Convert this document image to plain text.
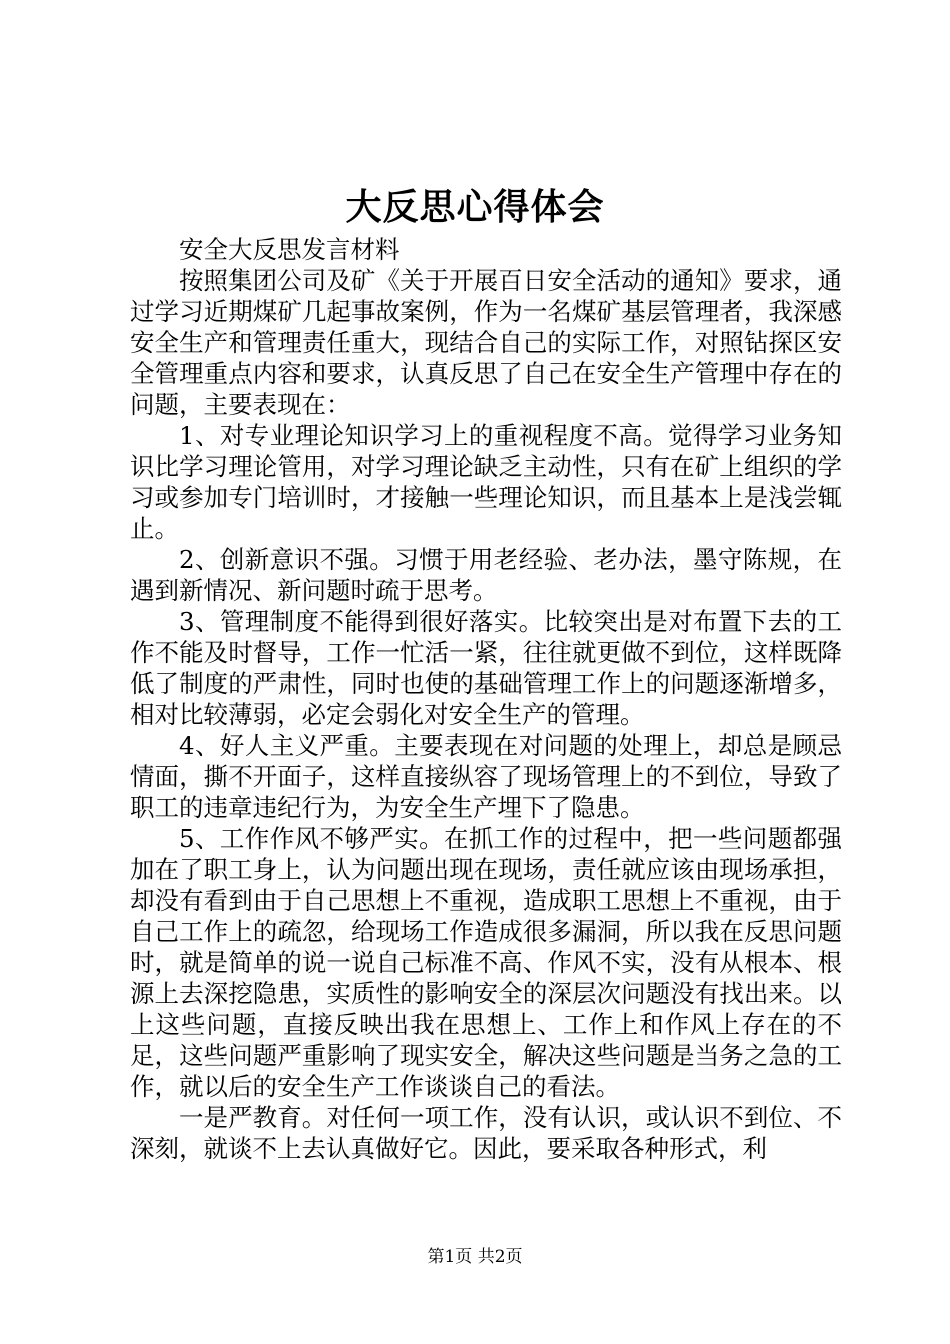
大反思心得体会

安全大反思发言材料

按照集团公司及矿《关于开展百日安全活动的通知》要求，通过学习近期煤矿几起事故案例，作为一名煤矿基层管理者，我深感安全生产和管理责任重大，现结合自己的实际工作，对照钻探区安全管理重点内容和要求，认真反思了自己在安全生产管理中存在的问题，主要表现在：

1、对专业理论知识学习上的重视程度不高。觉得学习业务知识比学习理论管用，对学习理论缺乏主动性，只有在矿上组织的学习或参加专门培训时，才接触一些理论知识，而且基本上是浅尝辄止。

2、创新意识不强。习惯于用老经验、老办法，墨守陈规，在遇到新情况、新问题时疏于思考。

3、管理制度不能得到很好落实。比较突出是对布置下去的工作不能及时督导，工作一忙活一紧，往往就更做不到位，这样既降低了制度的严肃性，同时也使的基础管理工作上的问题逐渐增多，相对比较薄弱，必定会弱化对安全生产的管理。

4、好人主义严重。主要表现在对问题的处理上，却总是顾忌情面，撕不开面子，这样直接纵容了现场管理上的不到位，导致了职工的违章违纪行为，为安全生产埋下了隐患。

5、工作作风不够严实。在抓工作的过程中，把一些问题都强加在了职工身上，认为问题出现在现场，责任就应该由现场承担，却没有看到由于自己思想上不重视，造成职工思想上不重视，由于自己工作上的疏忽，给现场工作造成很多漏洞，所以我在反思问题时，就是简单的说一说自己标准不高、作风不实，没有从根本、根源上去深挖隐患，实质性的影响安全的深层次问题没有找出来。以上这些问题，直接反映出我在思想上、工作上和作风上存在的不足，这些问题严重影响了现实安全，解决这些问题是当务之急的工作，就以后的安全生产工作谈谈自己的看法。

一是严教育。对任何一项工作，没有认识，或认识不到位、不深刻，就谈不上去认真做好它。因此，要采取各种形式，利

第1页 共2页
